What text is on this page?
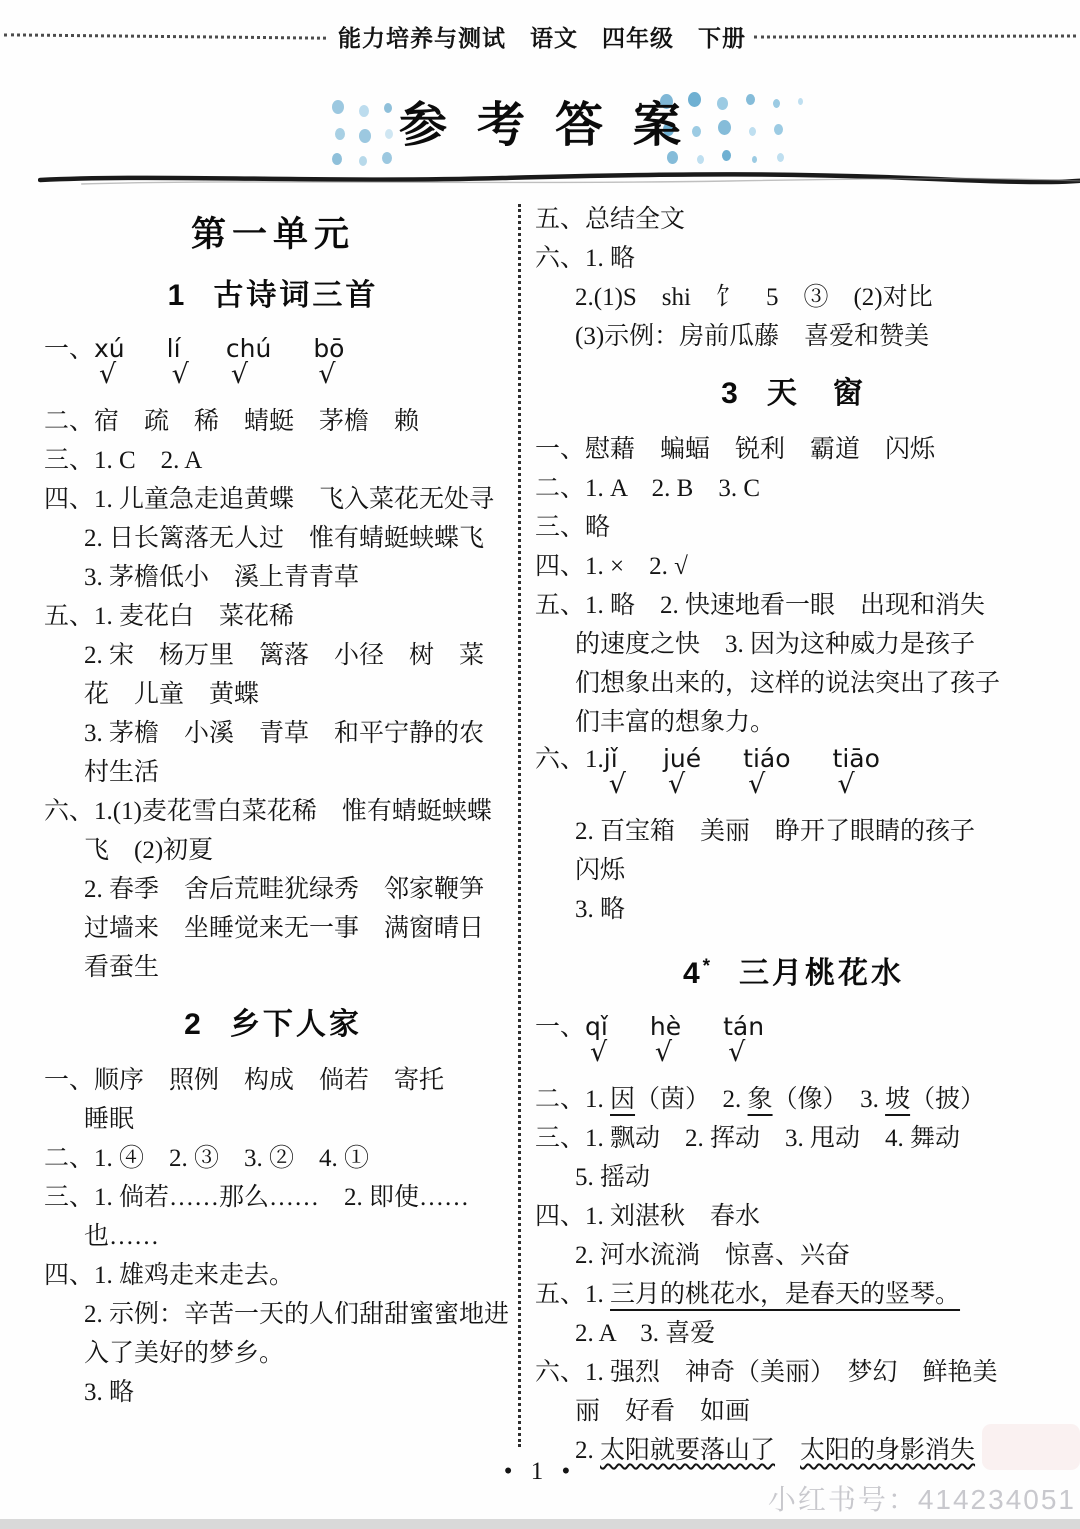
能力培养与测试　语文　四年级　下册
参考答案
第一单元
1 古诗词三首
一、 xú
√
lí
√
chú
√
bō
√
二、宿　疏　稀　蜻蜓　茅檐　赖
三、1. C　2. A
四、1. 儿童急走追黄蝶　飞入菜花无处寻
2. 日长篱落无人过　惟有蜻蜓蛱蝶飞
3. 茅檐低小　溪上青青草
五、1. 麦花白　菜花稀
2. 宋　杨万里　篱落　小径　树　菜
花　儿童　黄蝶
3. 茅檐　小溪　青草　和平宁静的农
村生活
六、1.(1)麦花雪白菜花稀　惟有蜻蜓蛱蝶
飞　(2)初夏
2. 春季　舍后荒畦犹绿秀　邻家鞭笋
过墙来　坐睡觉来无一事　满窗晴日
看蚕生
2 乡下人家
一、顺序　照例　构成　倘若　寄托
睡眠
二、1. ④　2. ③　3. ②　4. ①
三、1. 倘若……那么……　2. 即使……
也……
四、1. 雄鸡走来走去。
2. 示例：辛苦一天的人们甜甜蜜蜜地进
入了美好的梦乡。
3. 略
五、总结全文
六、1. 略
2.(1)S　shi　饣　5　③　(2)对比
(3)示例：房前瓜藤　喜爱和赞美
3 天　窗
一、慰藉　蝙蝠　锐利　霸道　闪烁
二、1. A　2. B　3. C
三、略
四、1. ×　2. √
五、1. 略　2. 快速地看一眼　出现和消失
的速度之快　3. 因为这种威力是孩子
们想象出来的，这样的说法突出了孩子
们丰富的想象力。
六、1. jǐ
√
jué
√
tiáo
√
tiāo
√
2. 百宝箱　美丽　睁开了眼睛的孩子
闪烁
3. 略
4* 三月桃花水
一、 qǐ
√
hè
√
tán
√
二、1. 因（茵）　2. 象（像）　3. 坡（披）
三、1. 飘动　2. 挥动　3. 甩动　4. 舞动
5. 摇动
四、1. 刘湛秋　春水
2. 河水流淌　惊喜、兴奋
五、1. 三月的桃花水，是春天的竖琴。
2. A　3. 喜爱
六、1. 强烈　神奇（美丽）　梦幻　鲜艳美
丽　好看　如画
2. 太阳就要落山了　 太阳的身影消失
• 1 •
小红书号：414234051
